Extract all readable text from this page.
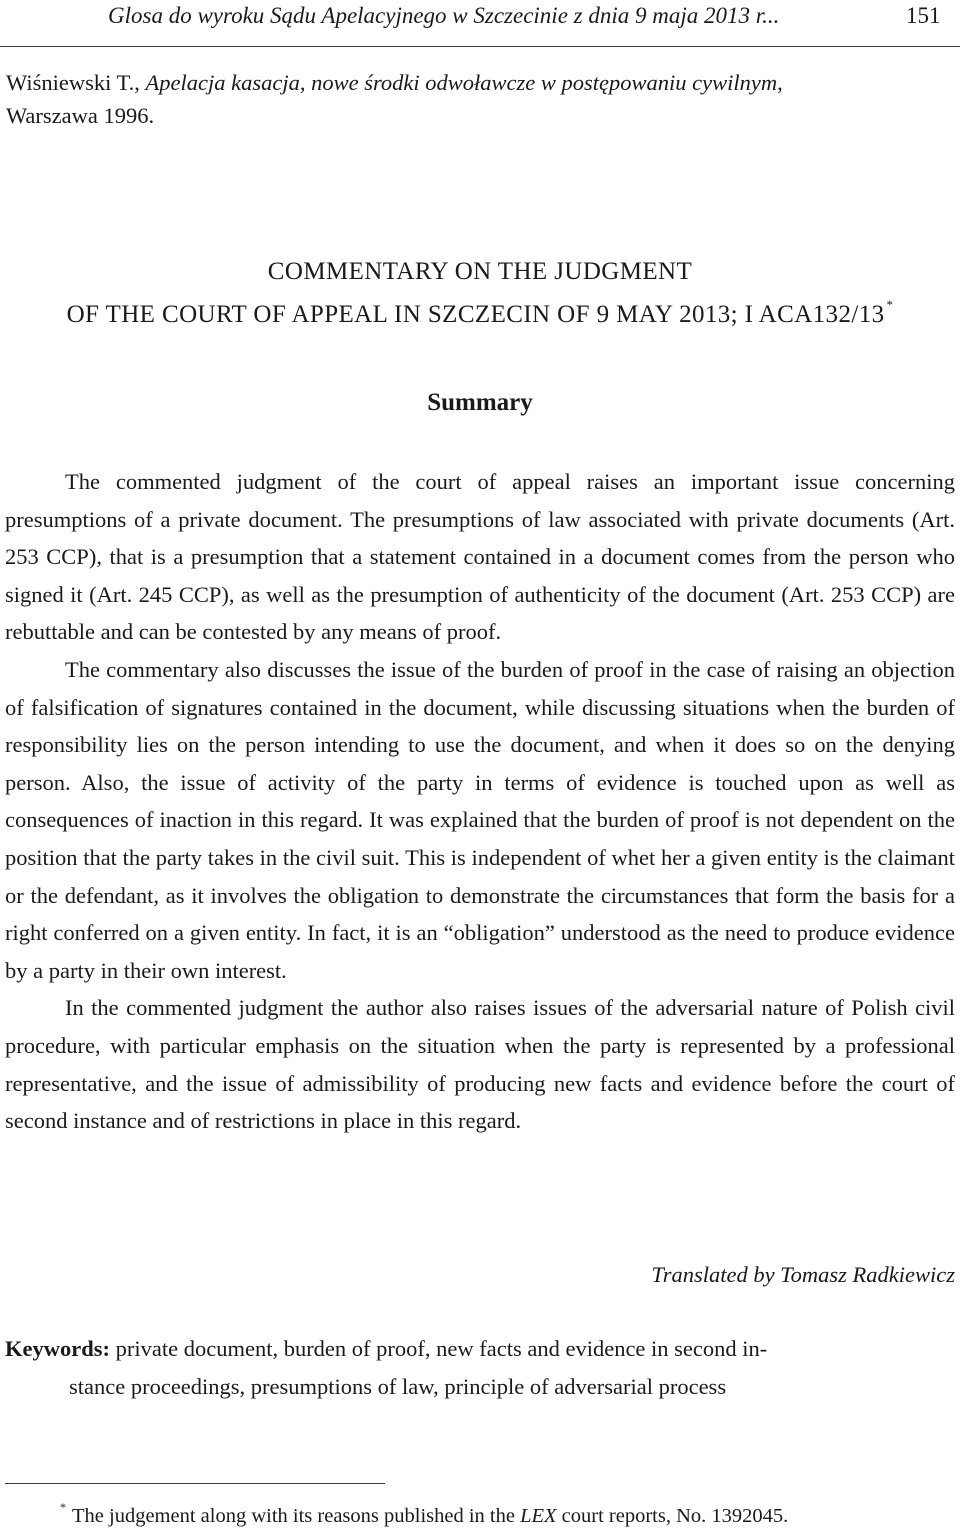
Glosa do wyroku Sądu Apelacyjnego w Szczecinie z dnia 9 maja 2013 r...	151
Wiśniewski T., Apelacja kasacja, nowe środki odwoławcze w postępowaniu cywilnym,
Warszawa 1996.
COMMENTARY ON THE JUDGMENT
OF THE COURT OF APPEAL IN SZCZECIN OF 9 MAY 2013; I ACA132/13 *
Summary

The commented judgment of the court of appeal raises an important issue concerning presumptions of a private document. The presumptions of law associated with private documents (Art. 253 CCP), that is a presumption that a statement contained in a document comes from the person who signed it (Art. 245 CCP), as well as the presumption of authenticity of the document (Art. 253 CCP) are rebuttable and can be contested by any means of proof.

The commentary also discusses the issue of the burden of proof in the case of raising an objection of falsification of signatures contained in the document, while discussing situations when the burden of responsibility lies on the person intending to use the document, and when it does so on the denying person. Also, the issue of activity of the party in terms of evidence is touched upon as well as consequences of inaction in this regard. It was explained that the burden of proof is not dependent on the position that the party takes in the civil suit. This is independent of whet her a given entity is the claimant or the defendant, as it involves the obligation to demonstrate the circumstances that form the basis for a right conferred on a given entity. In fact, it is an “obligation” understood as the need to produce evidence by a party in their own interest.

In the commented judgment the author also raises issues of the adversarial nature of Polish civil procedure, with particular emphasis on the situation when the party is represented by a professional representative, and the issue of admissibility of producing new facts and evidence before the court of second instance and of restrictions in place in this regard.

Translated by Tomasz Radkiewicz
Keywords: private document, burden of proof, new facts and evidence in second in-
stance proceedings, presumptions of law, principle of adversarial process
* The judgement along with its reasons published in the LEX court reports, No. 1392045.
